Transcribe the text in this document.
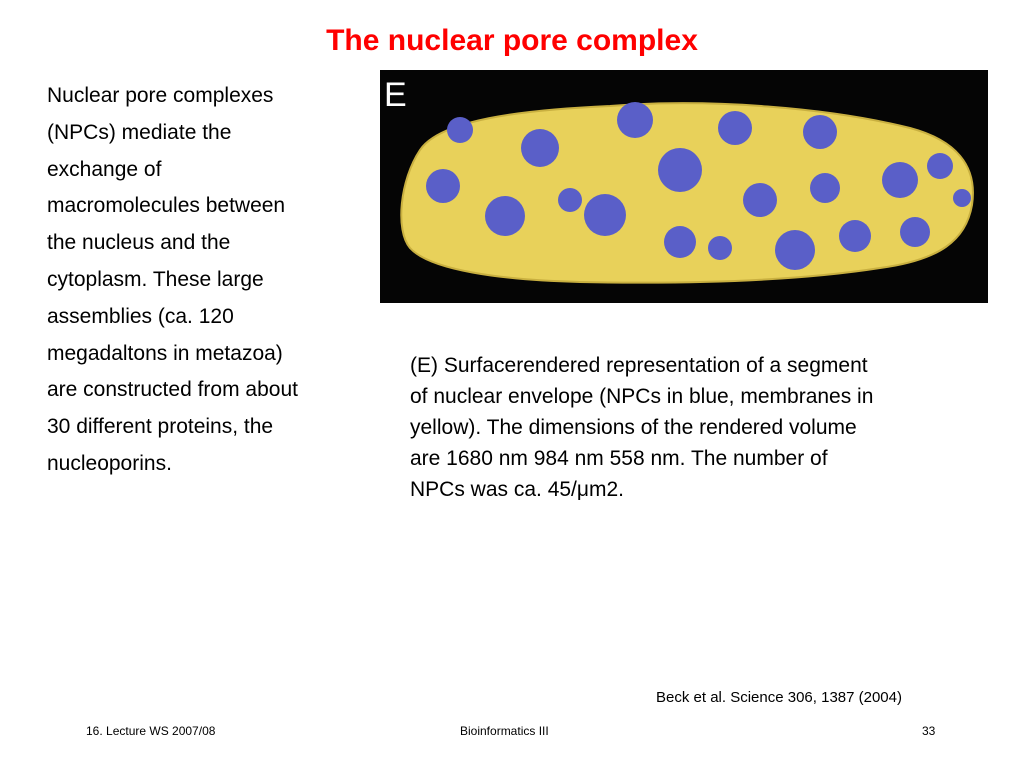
The nuclear pore complex
Nuclear pore complexes
(NPCs) mediate the
exchange of
macromolecules between
the nucleus and the
cytoplasm. These large
assemblies (ca. 120
megadaltons in metazoa)
are constructed from about
30 different proteins, the
nucleoporins.
E
(E) Surfacerendered representation of a segment
of nuclear envelope (NPCs in blue, membranes in
yellow). The dimensions of the rendered volume
are 1680 nm 984 nm 558 nm. The number of
NPCs was ca. 45/μm2.
Beck et al. Science 306, 1387 (2004)
16. Lecture WS 2007/08	Bioinformatics III	33
